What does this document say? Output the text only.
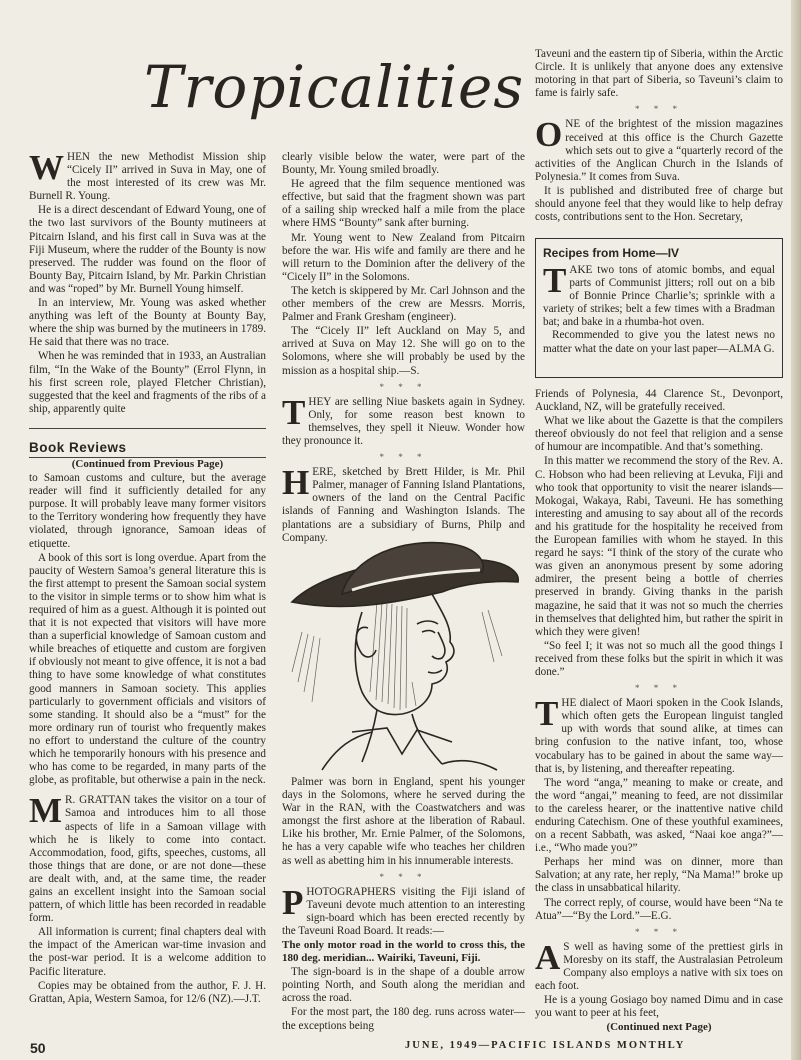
Tropicalities

WHEN the new Methodist Mission ship “Cicely II” arrived in Suva in May, one of the most interested of its crew was Mr. Burnell R. Young.

He is a direct descendant of Edward Young, one of the two last survivors of the Bounty mutineers at Pitcairn Island, and his first call in Suva was at the Fiji Museum, where the rudder of the Bounty is now preserved. The rudder was found on the floor of Bounty Bay, Pitcairn Island, by Mr. Parkin Christian and was “roped” by Mr. Burnell Young himself.

In an interview, Mr. Young was asked whether anything was left of the Bounty at Bounty Bay, where the ship was burned by the mutineers in 1789. He said that there was no trace.

When he was reminded that in 1933, an Australian film, “In the Wake of the Bounty” (Errol Flynn, in his first screen role, played Fletcher Christian), suggested that the keel and fragments of the ribs of a ship, apparently quite

Book Reviews

(Continued from Previous Page)

to Samoan customs and culture, but the average reader will find it sufficiently detailed for any purpose. It will probably leave many former visitors to the Territory wondering how frequently they have violated, through ignorance, Samoan ideas of etiquette.

A book of this sort is long overdue. Apart from the paucity of Western Samoa’s general literature this is the first attempt to present the Samoan social system to the visitor in simple terms or to show him what is required of him as a guest. Although it is pointed out that it is not expected that visitors will have more than a superficial knowledge of Samoan custom and while breaches of etiquette and custom are forgiven if obviously not meant to give offence, it is not a bad thing to have some knowledge of what constitutes good manners in Samoan society. This applies particularly to government officials and visitors of some standing. It should also be a “must” for the more ordinary run of tourist who frequently makes no effort to understand the culture of the country which he temporarily honours with his presence and who has come to be regarded, in many parts of the globe, as profitable, but otherwise a pain in the neck.

M R. GRATTAN takes the visitor on a tour of Samoa and introduces him to all those aspects of life in a Samoan village with which he is likely to come into contact. Accommodation, food, gifts, speeches, customs, all those things that are done, or are not done—these are dealt with, and, at the same time, the reader gains an excellent insight into the Samoan social pattern, of which little has been recorded in readable form.

All information is current; final chapters deal with the impact of the American war-time invasion and the post-war period. It is a welcome addition to Pacific literature.

Copies may be obtained from the author, F. J. H. Grattan, Apia, Western Samoa, for 12/6 (NZ).—J.T.

clearly visible below the water, were part of the Bounty, Mr. Young smiled broadly.

He agreed that the film sequence mentioned was effective, but said that the fragment shown was part of a sailing ship wrecked half a mile from the place where HMS “Bounty” sank after burning.

Mr. Young went to New Zealand from Pitcairn before the war. His wife and family are there and he will return to the Dominion after the delivery of the “Cicely II” in the Solomons.

The ketch is skippered by Mr. Carl Johnson and the other members of the crew are Messrs. Morris, Palmer and Frank Gresham (engineer).

The “Cicely II” left Auckland on May 5, and arrived at Suva on May 12. She will go on to the Solomons, where she will probably be used by the mission as a hospital ship.—S.

* * *

THEY are selling Niue baskets again in Sydney. Only, for some reason best known to themselves, they spell it Nieuw. Wonder how they pronounce it.

* * *

HERE, sketched by Brett Hilder, is Mr. Phil Palmer, manager of Fanning Island Plantations, owners of the land on the Central Pacific islands of Fanning and Washington Islands. The plantations are a subsidiary of Burns, Philp and Company.

Palmer was born in England, spent his younger days in the Solomons, where he served during the War in the RAN, with the Coastwatchers and was amongst the first ashore at the liberation of Rabaul. Like his brother, Mr. Ernie Palmer, of the Solomons, he has a very capable wife who teaches her children as well as abetting him in his innumerable interests.

* * *

PHOTOGRAPHERS visiting the Fiji island of Taveuni devote much attention to an interesting sign-board which has been erected recently by the Taveuni Road Board. It reads:—

The only motor road in the world to cross this, the 180 deg. meridian... Wairiki, Taveuni, Fiji.

The sign-board is in the shape of a double arrow pointing North, and South along the meridian and across the road.

For the most part, the 180 deg. runs across water—the exceptions being

Taveuni and the eastern tip of Siberia, within the Arctic Circle. It is unlikely that anyone does any extensive motoring in that part of Siberia, so Taveuni’s claim to fame is fairly safe.

* * *

ONE of the brightest of the mission magazines received at this office is the Church Gazette which sets out to give a “quarterly record of the activities of the Anglican Church in the Islands of Polynesia.” It comes from Suva.

It is published and distributed free of charge but should anyone feel that they would like to help defray costs, contributions sent to the Hon. Secretary,

Recipes from Home—IV

TAKE two tons of atomic bombs, and equal parts of Communist jitters; roll out on a bib of Bonnie Prince Charlie’s; sprinkle with a variety of strikes; belt a few times with a Bradman bat; and bake in a rhumba-hot oven.

Recommended to give you the latest news no matter what the date on your last paper—ALMA G.

Friends of Polynesia, 44 Clarence St., Devonport, Auckland, NZ, will be gratefully received.

What we like about the Gazette is that the compilers thereof obviously do not feel that religion and a sense of humour are incompatible. And that’s something.

In this matter we recommend the story of the Rev. A. C. Hobson who had been relieving at Levuka, Fiji and who took that opportunity to visit the nearer islands—Mokogai, Wakaya, Rabi, Taveuni. He has something interesting and amusing to say about all of the records and his gratitude for the hospitality he received from the European families with whom he stayed. In this regard he says: “I think of the story of the curate who was given an anonymous present by some adoring admirer, the present being a bottle of cherries preserved in brandy. Giving thanks in the parish magazine, he said that it was not so much the cherries in themselves that delighted him, but rather the spirit in which they were given!

“So feel I; it was not so much all the good things I received from these folks but the spirit in which it was done.”

* * *

THE dialect of Maori spoken in the Cook Islands, which often gets the European linguist tangled up with words that sound alike, at times can bring confusion to the native infant, too, whose vocabulary has to be gained in about the same way—that is, by listening, and thereafter repeating.

The word “anga,” meaning to make or create, and the word “angai,” meaning to feed, are not dissimilar to the careless hearer, or the inattentive native child enduring Catechism. One of these youthful examinees, on a recent Sabbath, was asked, “Naai koe anga?”—i.e., “Who made you?”

Perhaps her mind was on dinner, more than Salvation; at any rate, her reply, “Na Mama!” broke up the class in unsabbatical hilarity.

The correct reply, of course, would have been “Na te Atua”—“By the Lord.”—E.G.

* * *

A S well as having some of the prettiest girls in Moresby on its staff, the Australasian Petroleum Company also employs a native with six toes on each foot.

He is a young Gosiago boy named Dimu and in case you want to peer at his feet,

(Continued next Page)

50	JUNE, 1949—PACIFIC ISLANDS MONTHLY
